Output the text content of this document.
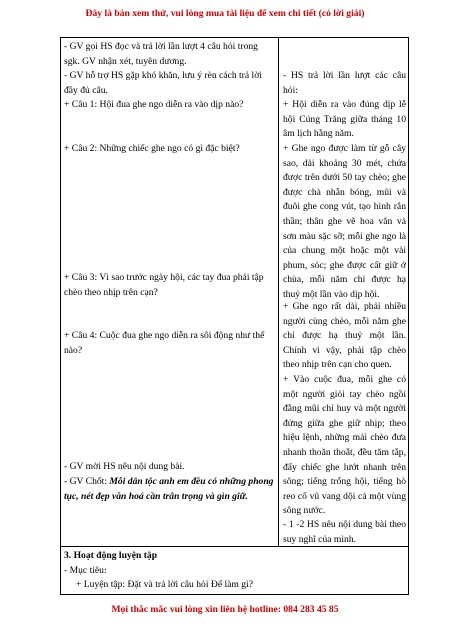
Đây là bản xem thử, vui lòng mua tài liệu để xem chi tiết (có lời giải)
- GV gọi HS đọc và trả lời lần lượt 4 câu hỏi trong sgk. GV nhận xét, tuyên dương.
- GV hỗ trợ HS gặp khó khăn, lưu ý rèn cách trả lời đầy đủ câu.
+ Câu 1: Hội đua ghe ngo diễn ra vào dịp nào?
+ Câu 2: Những chiếc ghe ngo có gì đặc biệt?
+ Câu 3: Vì sao trước ngày hội, các tay đua phải tập chèo theo nhịp trên cạn?
+ Câu 4: Cuộc đua ghe ngo diễn ra sôi động như thế nào?
- GV mời HS nêu nội dung bài.
- GV Chốt: Mỗi dân tộc anh em đều có những phong tục, nét đẹp văn hoá cần trân trọng và gìn giữ.
- HS trả lời lần lượt các câu hỏi:
+ Hội diễn ra vào đúng dịp lễ hội Cúng Trăng giữa tháng 10 âm lịch hằng năm.
+ Ghe ngo được làm từ gỗ cây sao, dài khoảng 30 mét, chứa được trên dưới 50 tay chèo; ghe được chà nhẵn bóng, mũi và đuôi ghe cong vút, tạo hình rắn thần; thân ghe vẽ hoa văn và sơn màu sặc sỡ; mỗi ghe ngo là của chung một hoặc một vài phum, sóc; ghe được cất giữ ở chùa, mỗi năm chỉ được hạ thuỷ một lần vào dịp hội.
+ Ghe ngo rất dài, phải nhiều người cùng chèo, mỗi năm ghe chỉ được hạ thuỷ một lần. Chính vì vậy, phải tập chèo theo nhịp trên cạn cho quen.
+ Vào cuộc đua, mỗi ghe có một người giỏi tay chèo ngồi đằng mũi chỉ huy và một người đứng giữa ghe giữ nhịp; theo hiệu lệnh, những mái chèo đưa nhanh thoăn thoắt, đều tăm tắp, đẩy chiếc ghe lướt nhanh trên sông; tiếng trống hội, tiếng hò reo cổ vũ vang dội cả một vùng sông nước.
- 1 -2 HS nêu nội dung bài theo suy nghĩ của mình.
3. Hoạt động luyện tập
- Mục tiêu:
+ Luyện tập: Đặt và trả lời câu hỏi Để làm gì?
Mọi thắc mắc vui lòng xin liên hệ hotline: 084 283 45 85
